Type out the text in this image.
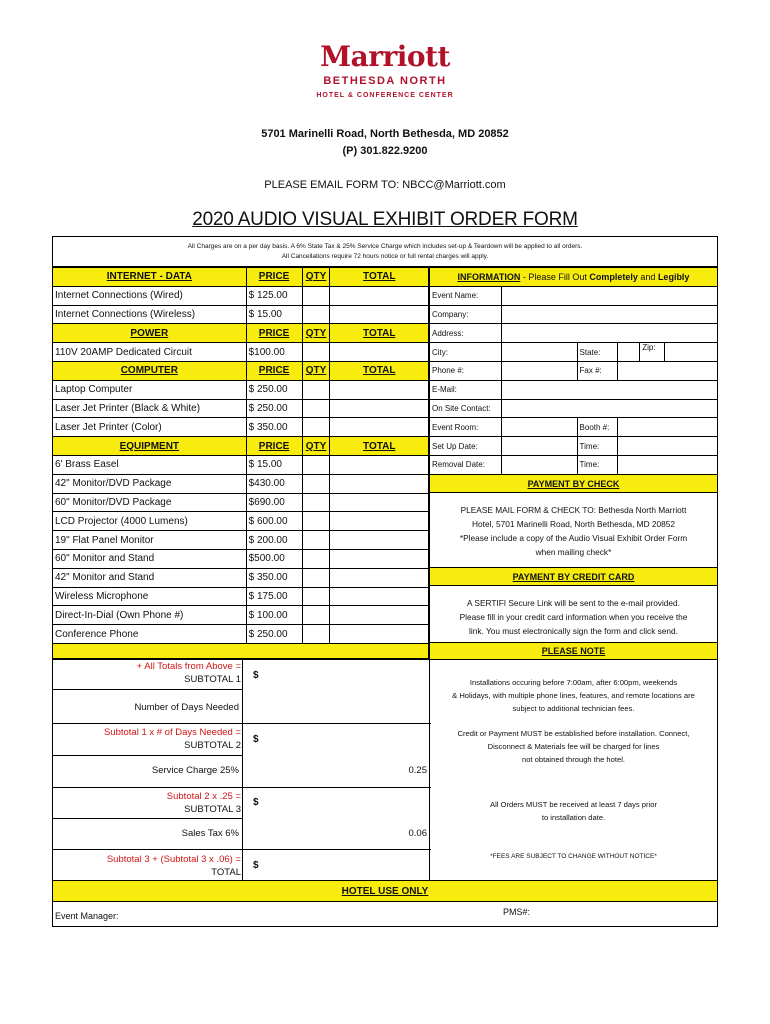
Marriott
BETHESDA NORTH
HOTEL & CONFERENCE CENTER
5701 Marinelli Road, North Bethesda, MD 20852
(P) 301.822.9200
PLEASE EMAIL FORM TO: NBCC@Marriott.com
2020 AUDIO VISUAL EXHIBIT ORDER FORM
All Charges are on a per day basis. A 6% State Tax & 25% Service Charge which includes set-up & Teardown will be applied to all orders.
All Cancellations require 72 hours notice or full rental charges will apply.
INTERNET - DATA	PRICE	QTY	TOTAL
Internet Connections (Wired)	$ 125.00		
Internet Connections (Wireless)	$ 15.00		
POWER	PRICE	QTY	TOTAL
110V 20AMP Dedicated Circuit	$100.00		
COMPUTER	PRICE	QTY	TOTAL
Laptop Computer	$ 250.00		
Laser Jet Printer (Black & White)	$ 250.00		
Laser Jet Printer (Color)	$ 350.00		
EQUIPMENT	PRICE	QTY	TOTAL
6' Brass Easel	$ 15.00		
42" Monitor/DVD Package	$430.00		
60" Monitor/DVD Package	$690.00		
LCD Projector (4000 Lumens)	$ 600.00		
19" Flat Panel Monitor	$ 200.00		
60" Monitor and Stand	$500.00		
42" Monitor and Stand	$ 350.00		
Wireless Microphone	$ 175.00		
Direct-In-Dial (Own Phone #)	$ 100.00		
Conference Phone	$ 250.00		

INFORMATION - Please Fill Out Completely and Legibly				
Event Name:				
Company:				
Address:				
City:		State:	Zip:	

Phone #:		Fax #:		
E-Mail:				
On Site Contact:				
Event Room:		Booth #:		
Set Up Date:		Time:		
Removal Date:		Time:		
PAYMENT BY CHECK
PLEASE MAIL FORM & CHECK TO: Bethesda North Marriott
Hotel, 5701 Marinelli Road, North Bethesda, MD 20852
*Please include a copy of the Audio Visual Exhibit Order Form
when mailing check*
PAYMENT BY CREDIT CARD
A SERTIFI Secure Link will be sent to the e-mail provided.
Please fill in your credit card information when you receive the
link. You must electronically sign the form and click send.
PLEASE NOTE
Installations occuring before 7:00am, after 6:00pm, weekends
& Holidays, with multiple phone lines, features, and remote locations are
subject to additional technician fees.
Credit or Payment MUST be established before installation. Connect,
Disconnect & Materials fee will be charged for lines
not obtained through the hotel.
All Orders MUST be received at least 7 days prior
to installation date.
*FEES ARE SUBJECT TO CHANGE WITHOUT NOTICE*
+ All Totals from Above =
SUBTOTAL 1 $
Number of Days Needed
Subtotal 1 x # of Days Needed =
SUBTOTAL 2
$
Service Charge 25%	0.25
Subtotal 2 x .25 =
SUBTOTAL 3
$
Sales Tax 6%	0.06
Subtotal 3 + (Subtotal 3 x .06) =
TOTAL
$
HOTEL USE ONLY
Event Manager:	PMS#:
